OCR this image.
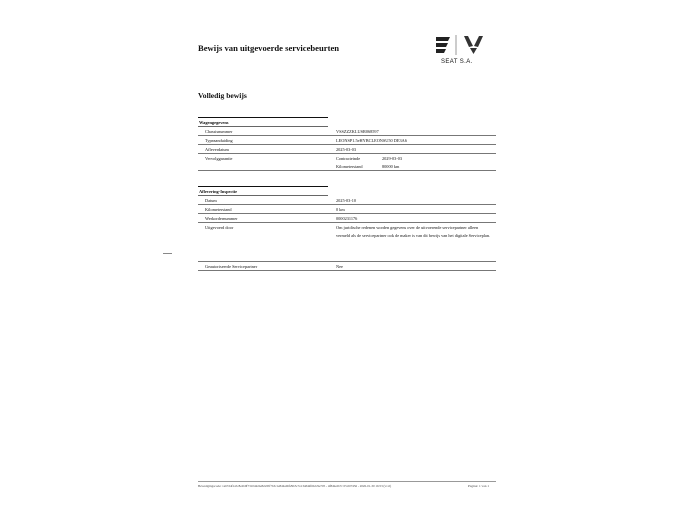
Bewijs van uitgevoerde servicebeurten
SEAT S.A.
Volledig bewijs
Wagengegevens
Chassisnummer	VSSZZZKLUSR068597
Typeaanduiding	LEONSP1.5eHYBCLEONSU50 DE3A6
Afleverdatum	2025-03-03
Vervolggarantie	Contracteinde	2029-03-03
Kilometerstand	80000 km
Aflevering-Inspectie
Datum	2025-03-10
Kilometerstand	0 km
Werkordernummer	0000231176
Uitgevoerd door	Om juridische redenen worden gegevens over de uitvoerende servicepartner alleen vermeld als de servicepartner ook de maker is van dit bewijs van het digitale Serviceplan.
Geautoriseerde Servicepartner	Nee
Bevestigingscode: 1a67d4f1a5c8e2b9f7310d4c6e82a95f7b3c1e8d4a06f29b5c7e13a8d4f6b2c9e705 - 4f8a9e2b7c 05.007456 - 2026-01-30 16:53 (v1.0)	Pagina: 1 van 1
